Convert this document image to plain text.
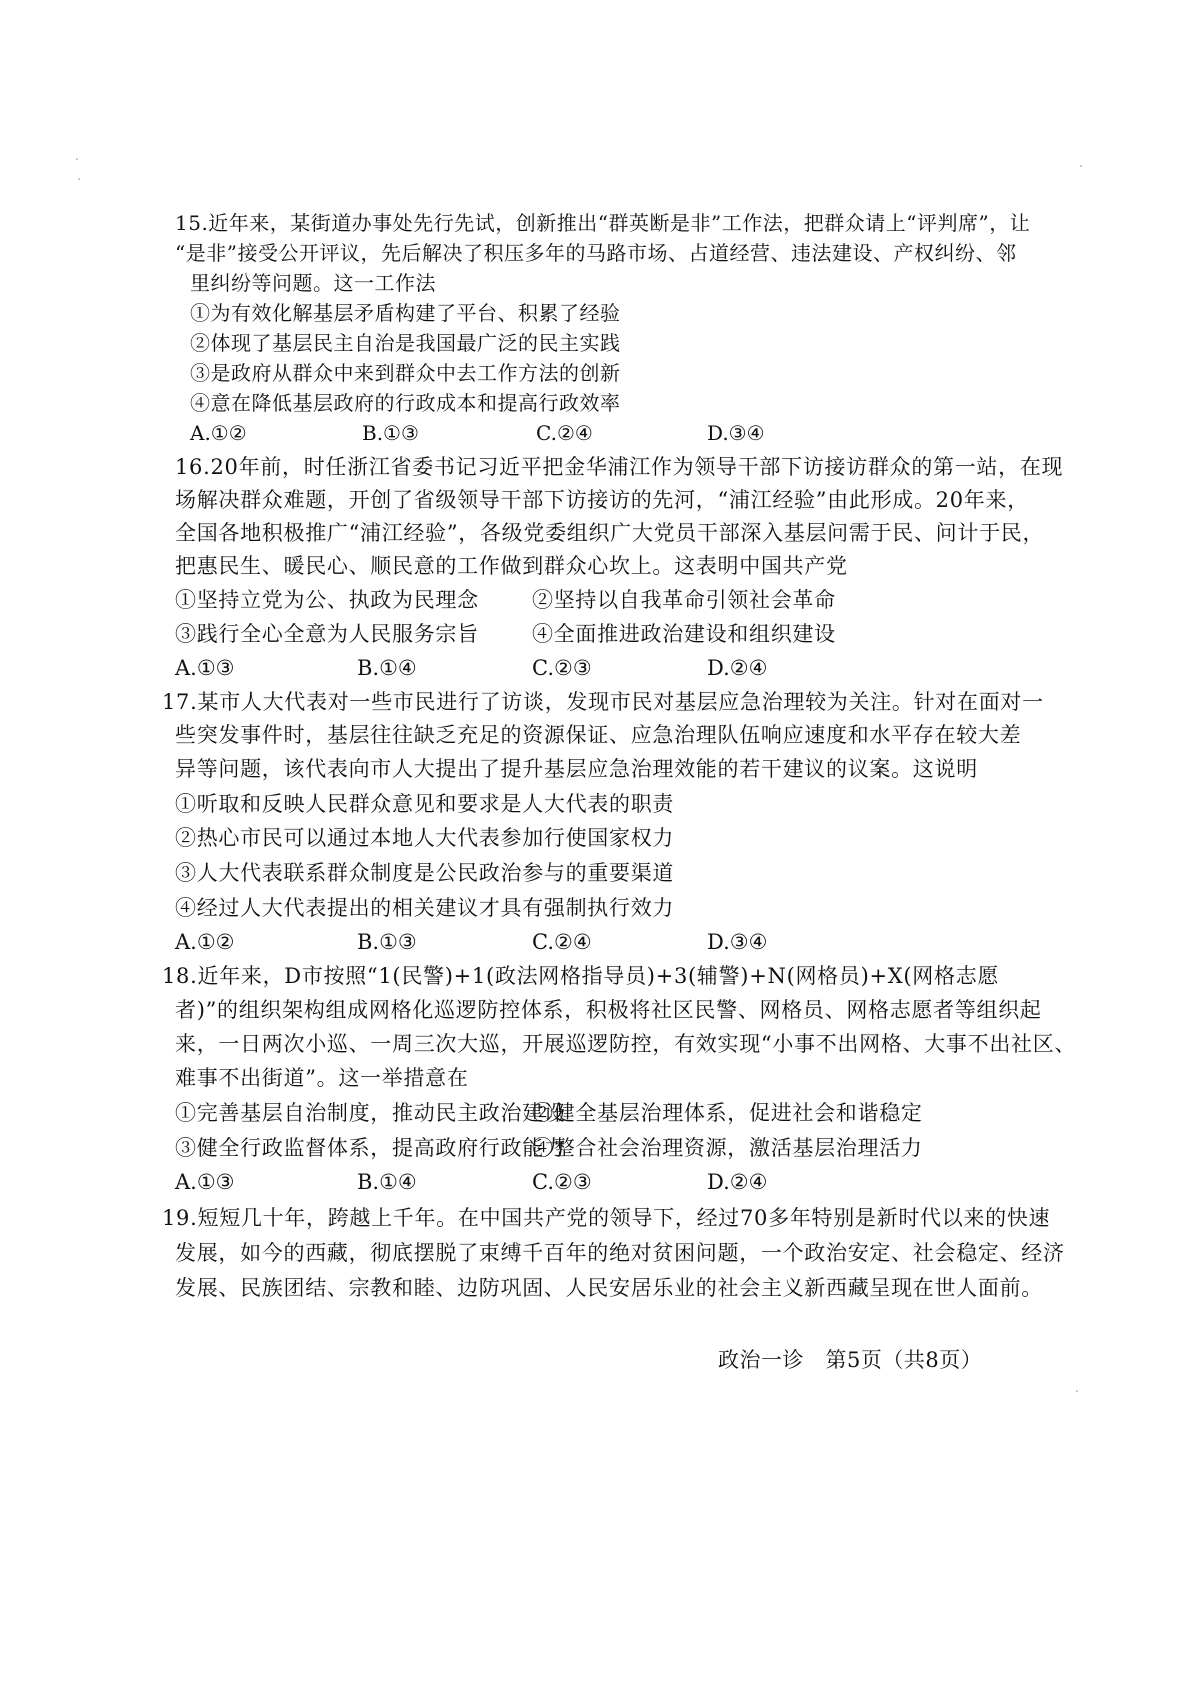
15.近年来，某街道办事处先行先试，创新推出“群英断是非”工作法，把群众请上“评判席”，让
“是非”接受公开评议，先后解决了积压多年的马路市场、占道经营、违法建设、产权纠纷、邻
里纠纷等问题。这一工作法
①为有效化解基层矛盾构建了平台、积累了经验
②体现了基层民主自治是我国最广泛的民主实践
③是政府从群众中来到群众中去工作方法的创新
④意在降低基层政府的行政成本和提高行政效率
A.①②	B.①③	C.②④	D.③④
16.20年前，时任浙江省委书记习近平把金华浦江作为领导干部下访接访群众的第一站，在现
场解决群众难题，开创了省级领导干部下访接访的先河，“浦江经验”由此形成。20年来，
全国各地积极推广“浦江经验”，各级党委组织广大党员干部深入基层问需于民、问计于民，
把惠民生、暖民心、顺民意的工作做到群众心坎上。这表明中国共产党
①坚持立党为公、执政为民理念	②坚持以自我革命引领社会革命
③践行全心全意为人民服务宗旨	④全面推进政治建设和组织建设
A.①③	B.①④	C.②③	D.②④
17.某市人大代表对一些市民进行了访谈，发现市民对基层应急治理较为关注。针对在面对一
些突发事件时，基层往往缺乏充足的资源保证、应急治理队伍响应速度和水平存在较大差
异等问题，该代表向市人大提出了提升基层应急治理效能的若干建议的议案。这说明
①听取和反映人民群众意见和要求是人大代表的职责
②热心市民可以通过本地人大代表参加行使国家权力
③人大代表联系群众制度是公民政治参与的重要渠道
④经过人大代表提出的相关建议才具有强制执行效力
A.①②	B.①③	C.②④	D.③④
18.近年来，D市按照“1(民警)+1(政法网格指导员)+3(辅警)+N(网格员)+X(网格志愿
者)”的组织架构组成网格化巡逻防控体系，积极将社区民警、网格员、网格志愿者等组织起
来，一日两次小巡、一周三次大巡，开展巡逻防控，有效实现“小事不出网格、大事不出社区、
难事不出街道”。这一举措意在
①完善基层自治制度，推动民主政治建设
②健全基层治理体系，促进社会和谐稳定
③健全行政监督体系，提高政府行政能力
④整合社会治理资源，激活基层治理活力
A.①③	B.①④	C.②③	D.②④
19.短短几十年，跨越上千年。在中国共产党的领导下，经过70多年特别是新时代以来的快速
发展，如今的西藏，彻底摆脱了束缚千百年的绝对贫困问题，一个政治安定、社会稳定、经济
发展、民族团结、宗教和睦、边防巩固、人民安居乐业的社会主义新西藏呈现在世人面前。
政治一诊　第5页（共8页）
